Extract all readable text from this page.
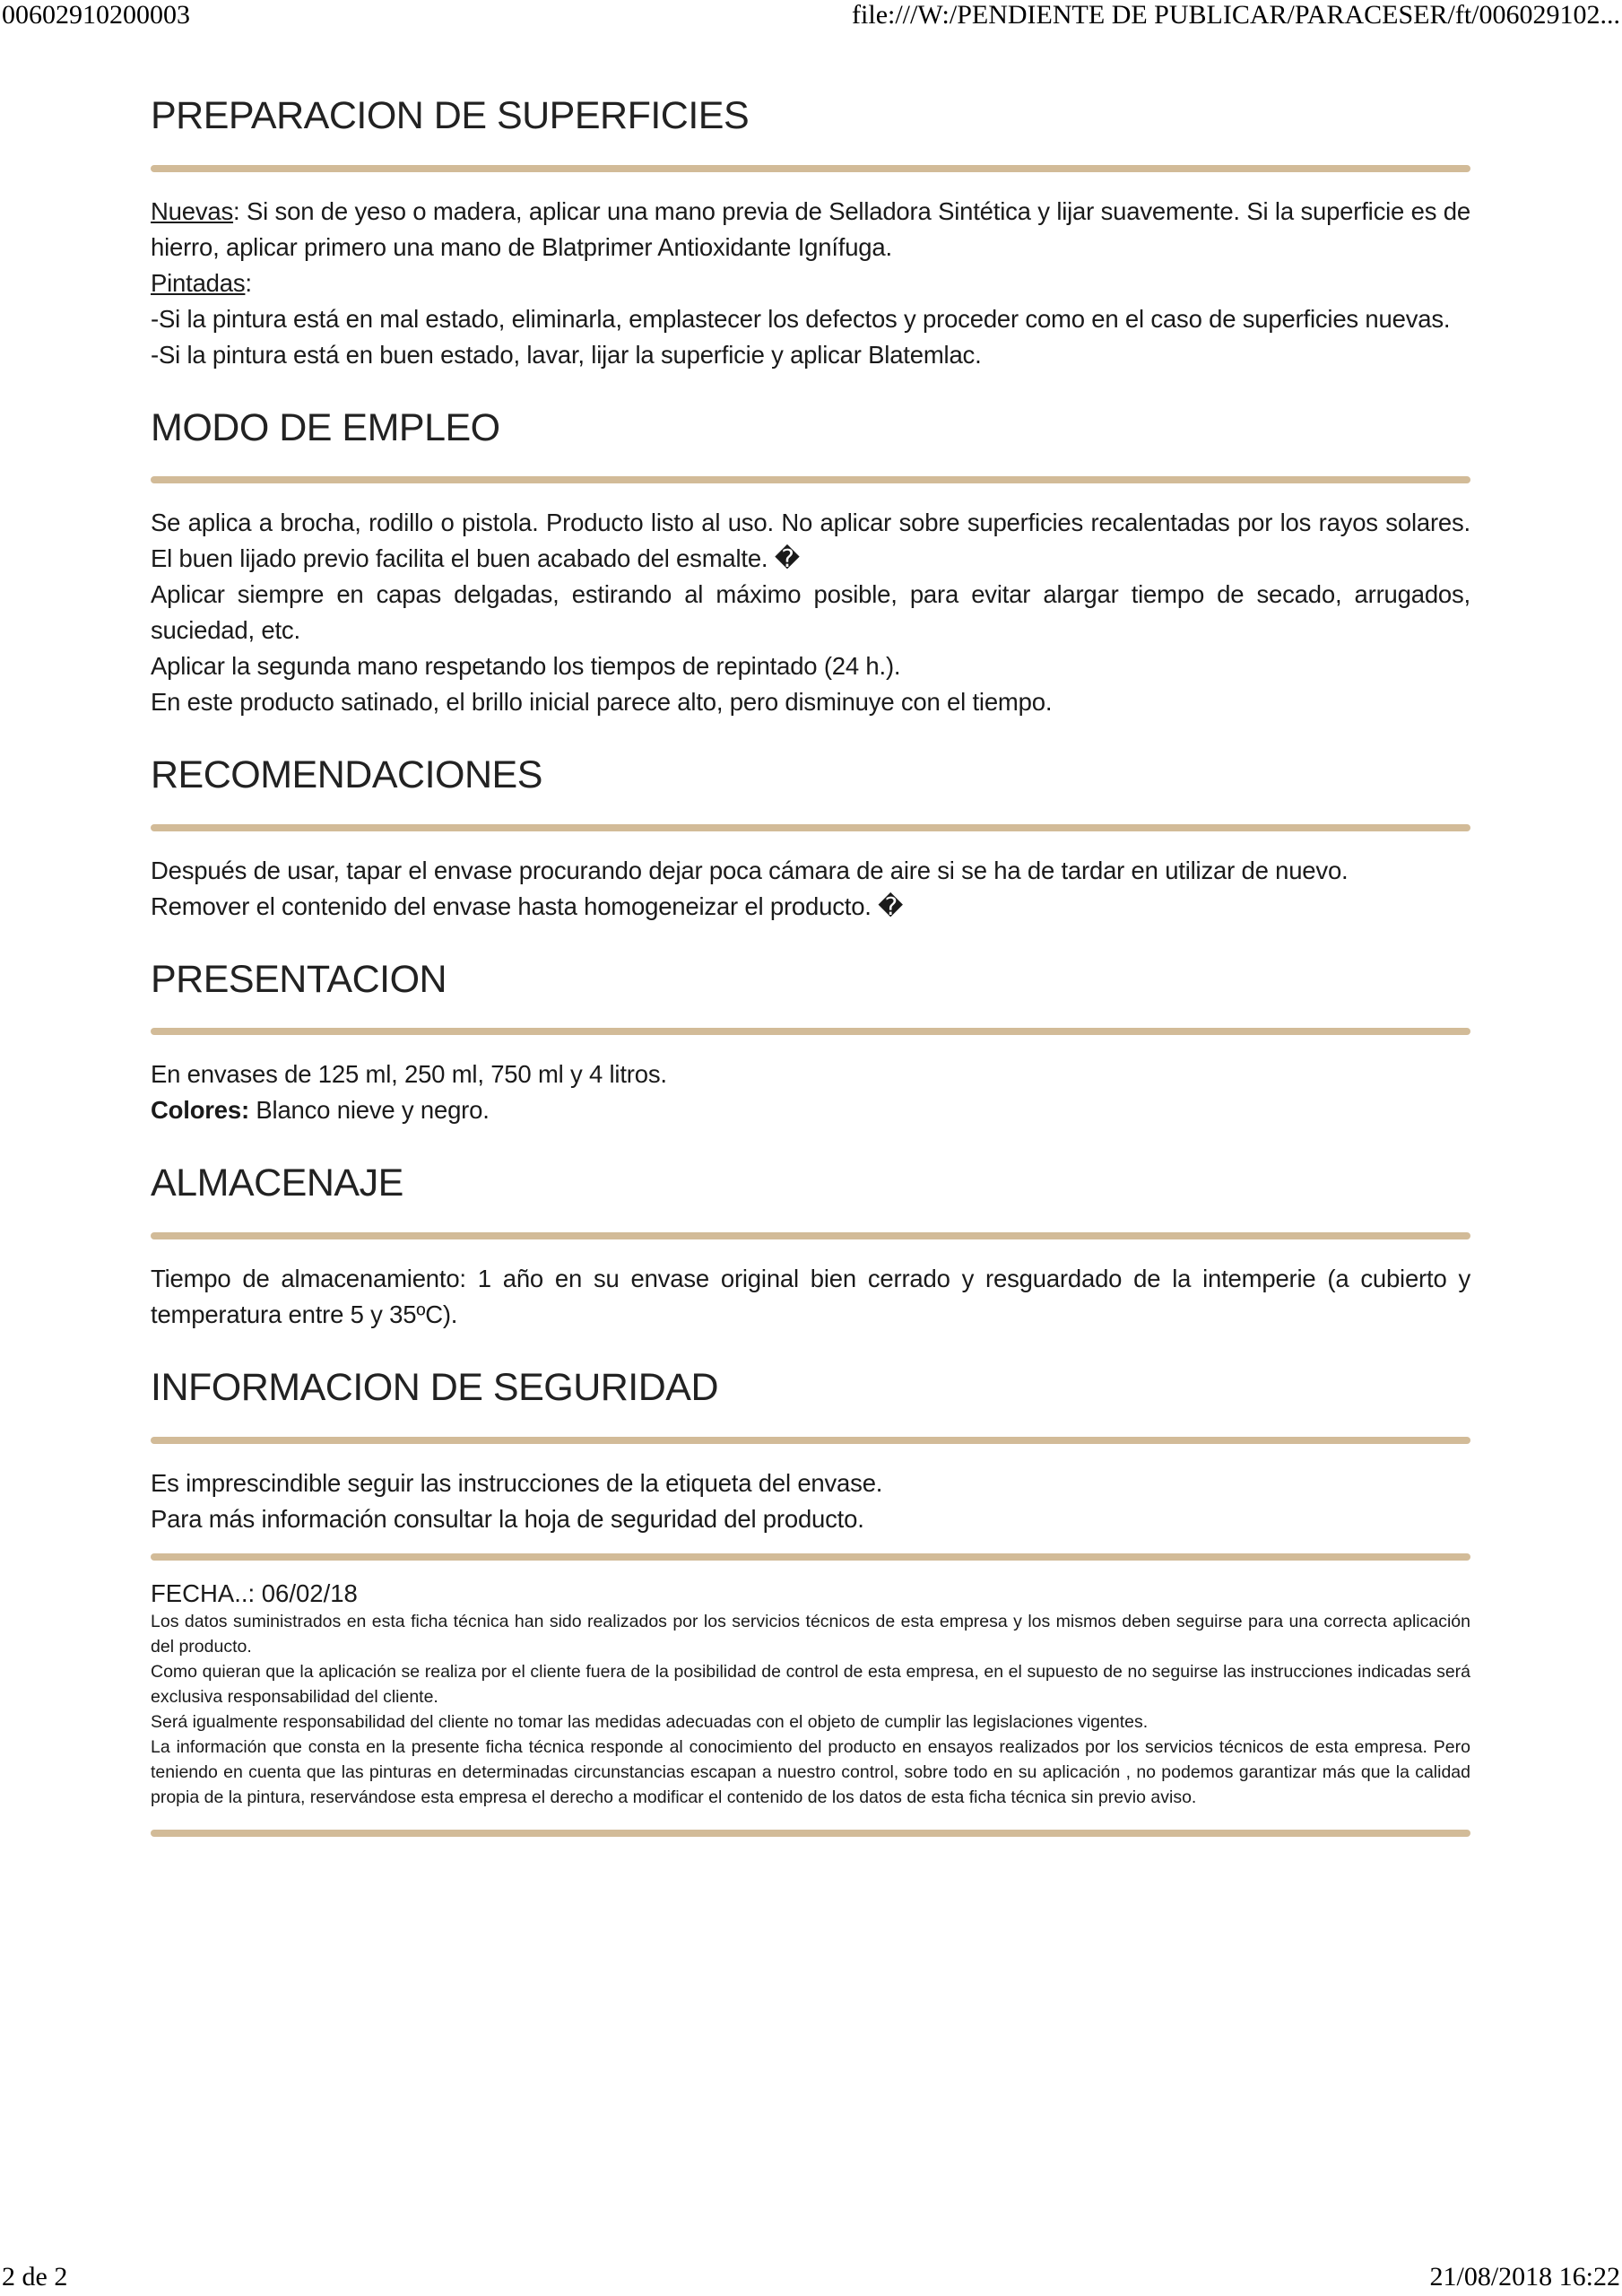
00602910200003	file:///W:/PENDIENTE DE PUBLICAR/PARACESER/ft/006029102...
PREPARACION DE SUPERFICIES

Nuevas: Si son de yeso o madera, aplicar una mano previa de Selladora Sintética y lijar suavemente. Si la superficie es de hierro, aplicar primero una mano de Blatprimer Antioxidante Ignífuga.

Pintadas:

-Si la pintura está en mal estado, eliminarla, emplastecer los defectos y proceder como en el caso de superficies nuevas.

-Si la pintura está en buen estado, lavar, lijar la superficie y aplicar Blatemlac.

MODO DE EMPLEO

Se aplica a brocha, rodillo o pistola. Producto listo al uso. No aplicar sobre superficies recalentadas por los rayos solares. El buen lijado previo facilita el buen acabado del esmalte. �

Aplicar siempre en capas delgadas, estirando al máximo posible, para evitar alargar tiempo de secado, arrugados, suciedad, etc.

Aplicar la segunda mano respetando los tiempos de repintado (24 h.).

En este producto satinado, el brillo inicial parece alto, pero disminuye con el tiempo.

RECOMENDACIONES

Después de usar, tapar el envase procurando dejar poca cámara de aire si se ha de tardar en utilizar de nuevo.

Remover el contenido del envase hasta homogeneizar el producto. �

PRESENTACION

En envases de 125 ml, 250 ml, 750 ml y 4 litros.

Colores: Blanco nieve y negro.

ALMACENAJE

Tiempo de almacenamiento: 1 año en su envase original bien cerrado y resguardado de la intemperie (a cubierto y temperatura entre 5 y 35ºC).

INFORMACION DE SEGURIDAD

Es imprescindible seguir las instrucciones de la etiqueta del envase.

Para más información consultar la hoja de seguridad del producto.

FECHA..: 06/02/18

Los datos suministrados en esta ficha técnica han sido realizados por los servicios técnicos de esta empresa y los mismos deben seguirse para una correcta aplicación del producto.

Como quieran que la aplicación se realiza por el cliente fuera de la posibilidad de control de esta empresa, en el supuesto de no seguirse las instrucciones indicadas será exclusiva responsabilidad del cliente.

Será igualmente responsabilidad del cliente no tomar las medidas adecuadas con el objeto de cumplir las legislaciones vigentes.

La información que consta en la presente ficha técnica responde al conocimiento del producto en ensayos realizados por los servicios técnicos de esta empresa. Pero teniendo en cuenta que las pinturas en determinadas circunstancias escapan a nuestro control, sobre todo en su aplicación , no podemos garantizar más que la calidad propia de la pintura, reservándose esta empresa el derecho a modificar el contenido de los datos de esta ficha técnica sin previo aviso.

2 de 2	21/08/2018 16:22
